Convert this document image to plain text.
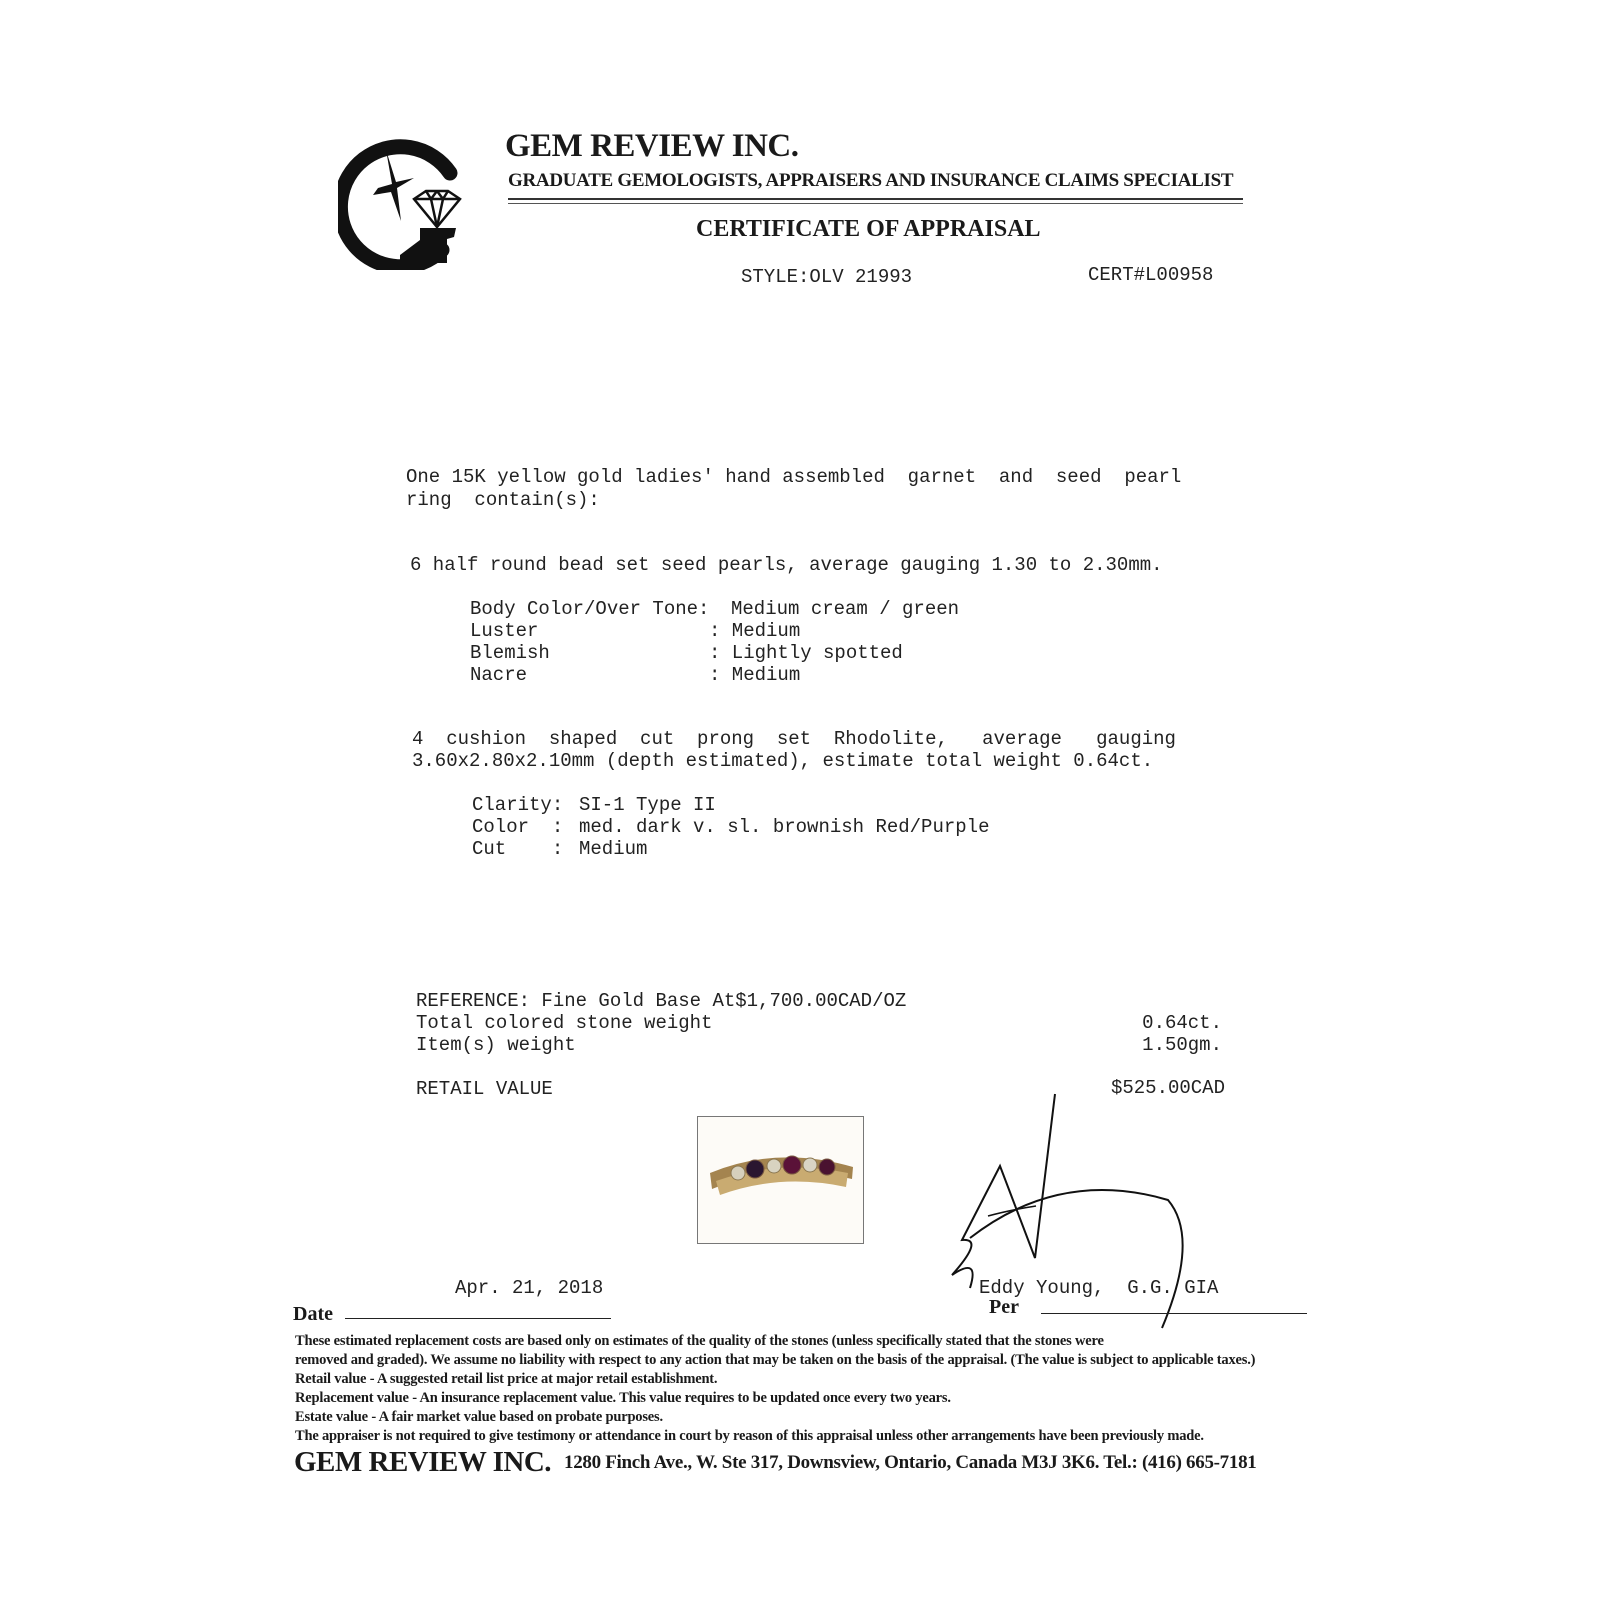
GEM REVIEW INC.
GRADUATE GEMOLOGISTS, APPRAISERS AND INSURANCE CLAIMS SPECIALIST
CERTIFICATE OF APPRAISAL
STYLE:OLV 21993	CERT#L00958
One 15K yellow gold ladies' hand assembled  garnet  and  seed  pearl
ring  contain(s):
6 half round bead set seed pearls, average gauging 1.30 to 2.30mm.
Body Color/Over Tone: Medium cream / green
Luster	: Medium
Blemish	: Lightly spotted
Nacre	: Medium
4  cushion  shaped  cut  prong  set  Rhodolite,   average   gauging
3.60x2.80x2.10mm (depth estimated), estimate total weight 0.64ct.
Clarity: SI-1 Type II
Color  : med. dark v. sl. brownish Red/Purple
Cut    : Medium
REFERENCE: Fine Gold Base At$1,700.00CAD/OZ
Total colored stone weight	0.64ct.
Item(s) weight	1.50gm.
RETAIL VALUE	$525.00CAD
Apr. 21, 2018
Date
Eddy Young,  G.G. GIA
Per
These estimated replacement costs are based only on estimates of the quality of the stones (unless specifically stated that the stones were
removed and graded). We assume no liability with respect to any action that may be taken on the basis of the appraisal. (The value is subject to applicable taxes.)
Retail value - A suggested retail list price at major retail establishment.
Replacement value - An insurance replacement value. This value requires to be updated once every two years.
Estate value - A fair market value based on probate purposes.
The appraiser is not required to give testimony or attendance in court by reason of this appraisal unless other arrangements have been previously made.
GEM REVIEW INC. 1280 Finch Ave., W. Ste 317, Downsview, Ontario, Canada M3J 3K6. Tel.: (416) 665-7181
